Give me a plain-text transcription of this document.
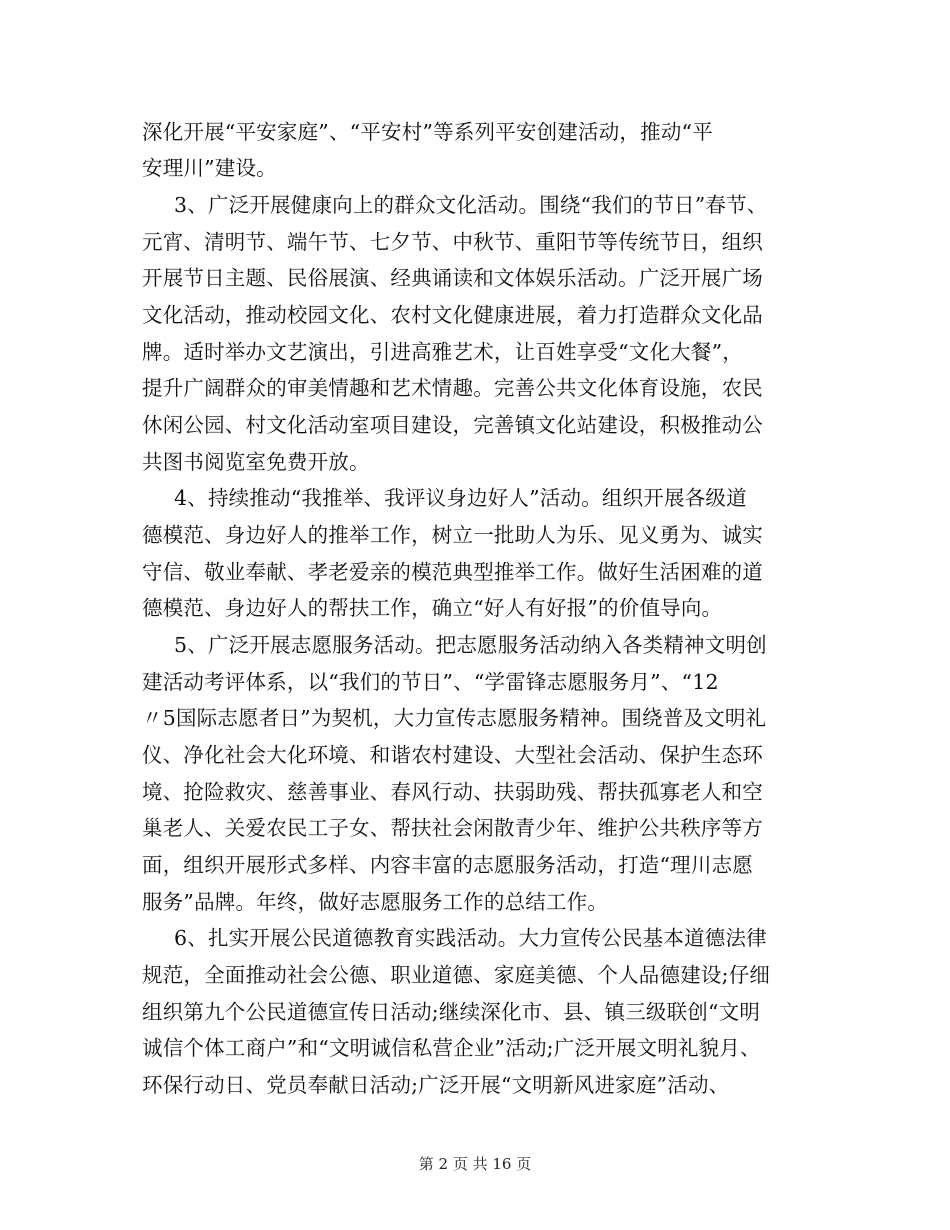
深化开展“平安家庭”、“平安村”等系列平安创建活动，推动“平
安理川”建设。
3、广泛开展健康向上的群众文化活动。围绕“我们的节日”春节、
元宵、清明节、端午节、七夕节、中秋节、重阳节等传统节日，组织
开展节日主题、民俗展演、经典诵读和文体娱乐活动。广泛开展广场
文化活动，推动校园文化、农村文化健康进展，着力打造群众文化品
牌。适时举办文艺演出，引进高雅艺术，让百姓享受“文化大餐”，
提升广阔群众的审美情趣和艺术情趣。完善公共文化体育设施，农民
休闲公园、村文化活动室项目建设，完善镇文化站建设，积极推动公
共图书阅览室免费开放。
4、持续推动“我推举、我评议身边好人”活动。组织开展各级道
德模范、身边好人的推举工作，树立一批助人为乐、见义勇为、诚实
守信、敬业奉献、孝老爱亲的模范典型推举工作。做好生活困难的道
德模范、身边好人的帮扶工作，确立“好人有好报”的价值导向。
5、广泛开展志愿服务活动。把志愿服务活动纳入各类精神文明创
建活动考评体系，以“我们的节日”、“学雷锋志愿服务月”、“12
〃5国际志愿者日”为契机，大力宣传志愿服务精神。围绕普及文明礼
仪、净化社会大化环境、和谐农村建设、大型社会活动、保护生态环
境、抢险救灾、慈善事业、春风行动、扶弱助残、帮扶孤寡老人和空
巢老人、关爱农民工子女、帮扶社会闲散青少年、维护公共秩序等方
面，组织开展形式多样、内容丰富的志愿服务活动，打造“理川志愿
服务”品牌。年终，做好志愿服务工作的总结工作。
6、扎实开展公民道德教育实践活动。大力宣传公民基本道德法律
规范，全面推动社会公德、职业道德、家庭美德、个人品德建设;仔细
组织第九个公民道德宣传日活动;继续深化市、县、镇三级联创“文明
诚信个体工商户”和“文明诚信私营企业”活动;广泛开展文明礼貌月、
环保行动日、党员奉献日活动;广泛开展“文明新风进家庭”活动、
第 2 页 共 16 页
